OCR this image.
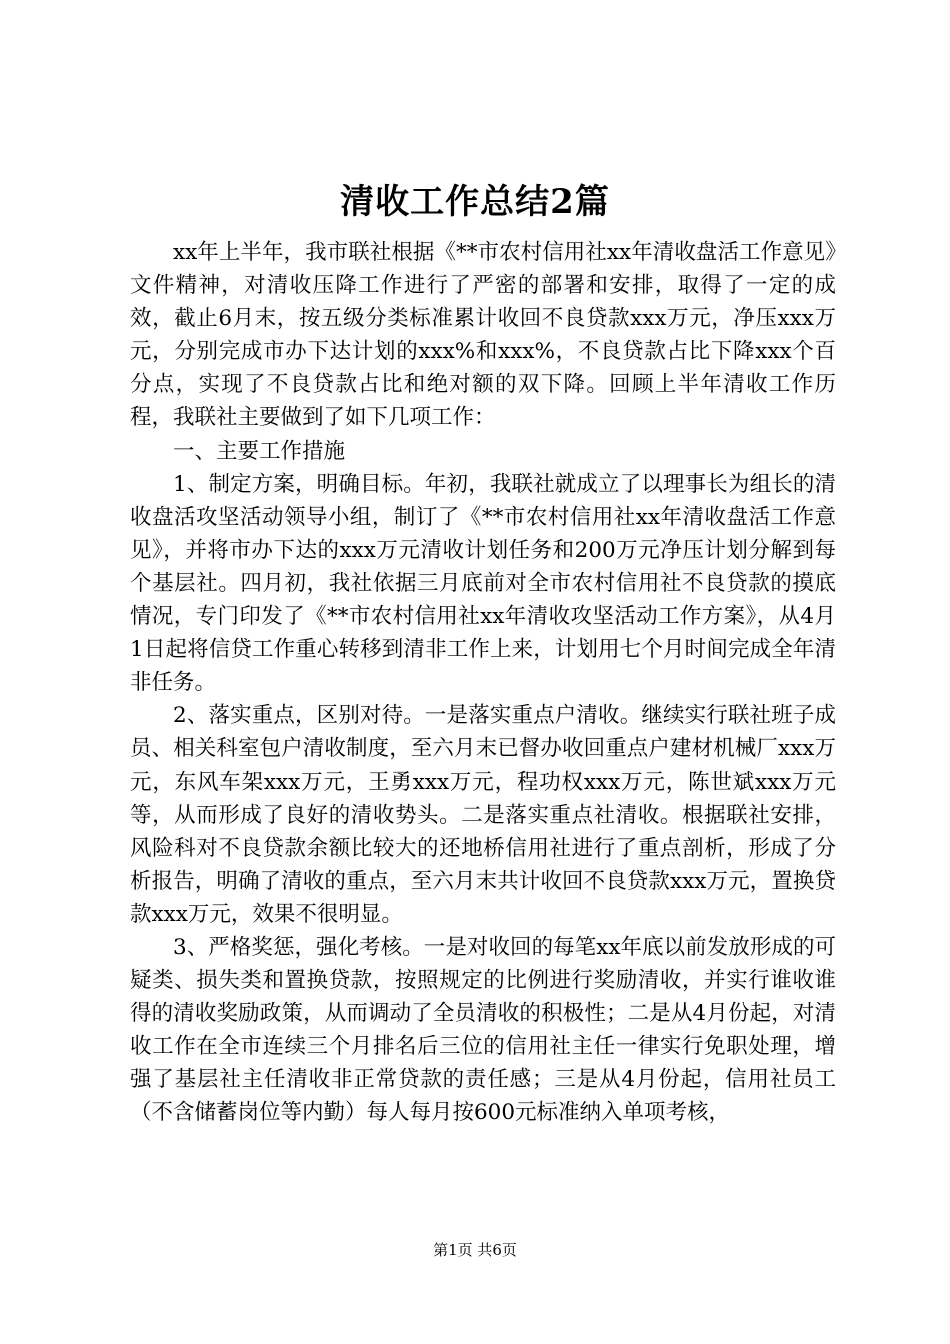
清收工作总结2篇

xx年上半年，我市联社根据《**市农村信用社xx年清收盘活工作意见》文件精神，对清收压降工作进行了严密的部署和安排，取得了一定的成效，截止6月末，按五级分类标准累计收回不良贷款xxx万元，净压xxx万元，分别完成市办下达计划的xxx%和xxx%，不良贷款占比下降xxx个百分点，实现了不良贷款占比和绝对额的双下降。回顾上半年清收工作历程，我联社主要做到了如下几项工作：

一、主要工作措施

1、制定方案，明确目标。年初，我联社就成立了以理事长为组长的清收盘活攻坚活动领导小组，制订了《**市农村信用社xx年清收盘活工作意见》，并将市办下达的xxx万元清收计划任务和200万元净压计划分解到每个基层社。四月初，我社依据三月底前对全市农村信用社不良贷款的摸底情况，专门印发了《**市农村信用社xx年清收攻坚活动工作方案》，从4月1日起将信贷工作重心转移到清非工作上来，计划用七个月时间完成全年清非任务。

2、落实重点，区别对待。一是落实重点户清收。继续实行联社班子成员、相关科室包户清收制度，至六月末已督办收回重点户建材机械厂xxx万元，东风车架xxx万元，王勇xxx万元，程功权xxx万元，陈世斌xxx万元等，从而形成了良好的清收势头。二是落实重点社清收。根据联社安排，风险科对不良贷款余额比较大的还地桥信用社进行了重点剖析，形成了分析报告，明确了清收的重点，至六月末共计收回不良贷款xxx万元，置换贷款xxx万元，效果不很明显。

3、严格奖惩，强化考核。一是对收回的每笔xx年底以前发放形成的可疑类、损失类和置换贷款，按照规定的比例进行奖励清收，并实行谁收谁得的清收奖励政策，从而调动了全员清收的积极性；二是从4月份起，对清收工作在全市连续三个月排名后三位的信用社主任一律实行免职处理，增强了基层社主任清收非正常贷款的责任感；三是从4月份起，信用社员工（不含储蓄岗位等内勤）每人每月按600元标准纳入单项考核，

第1页 共6页
